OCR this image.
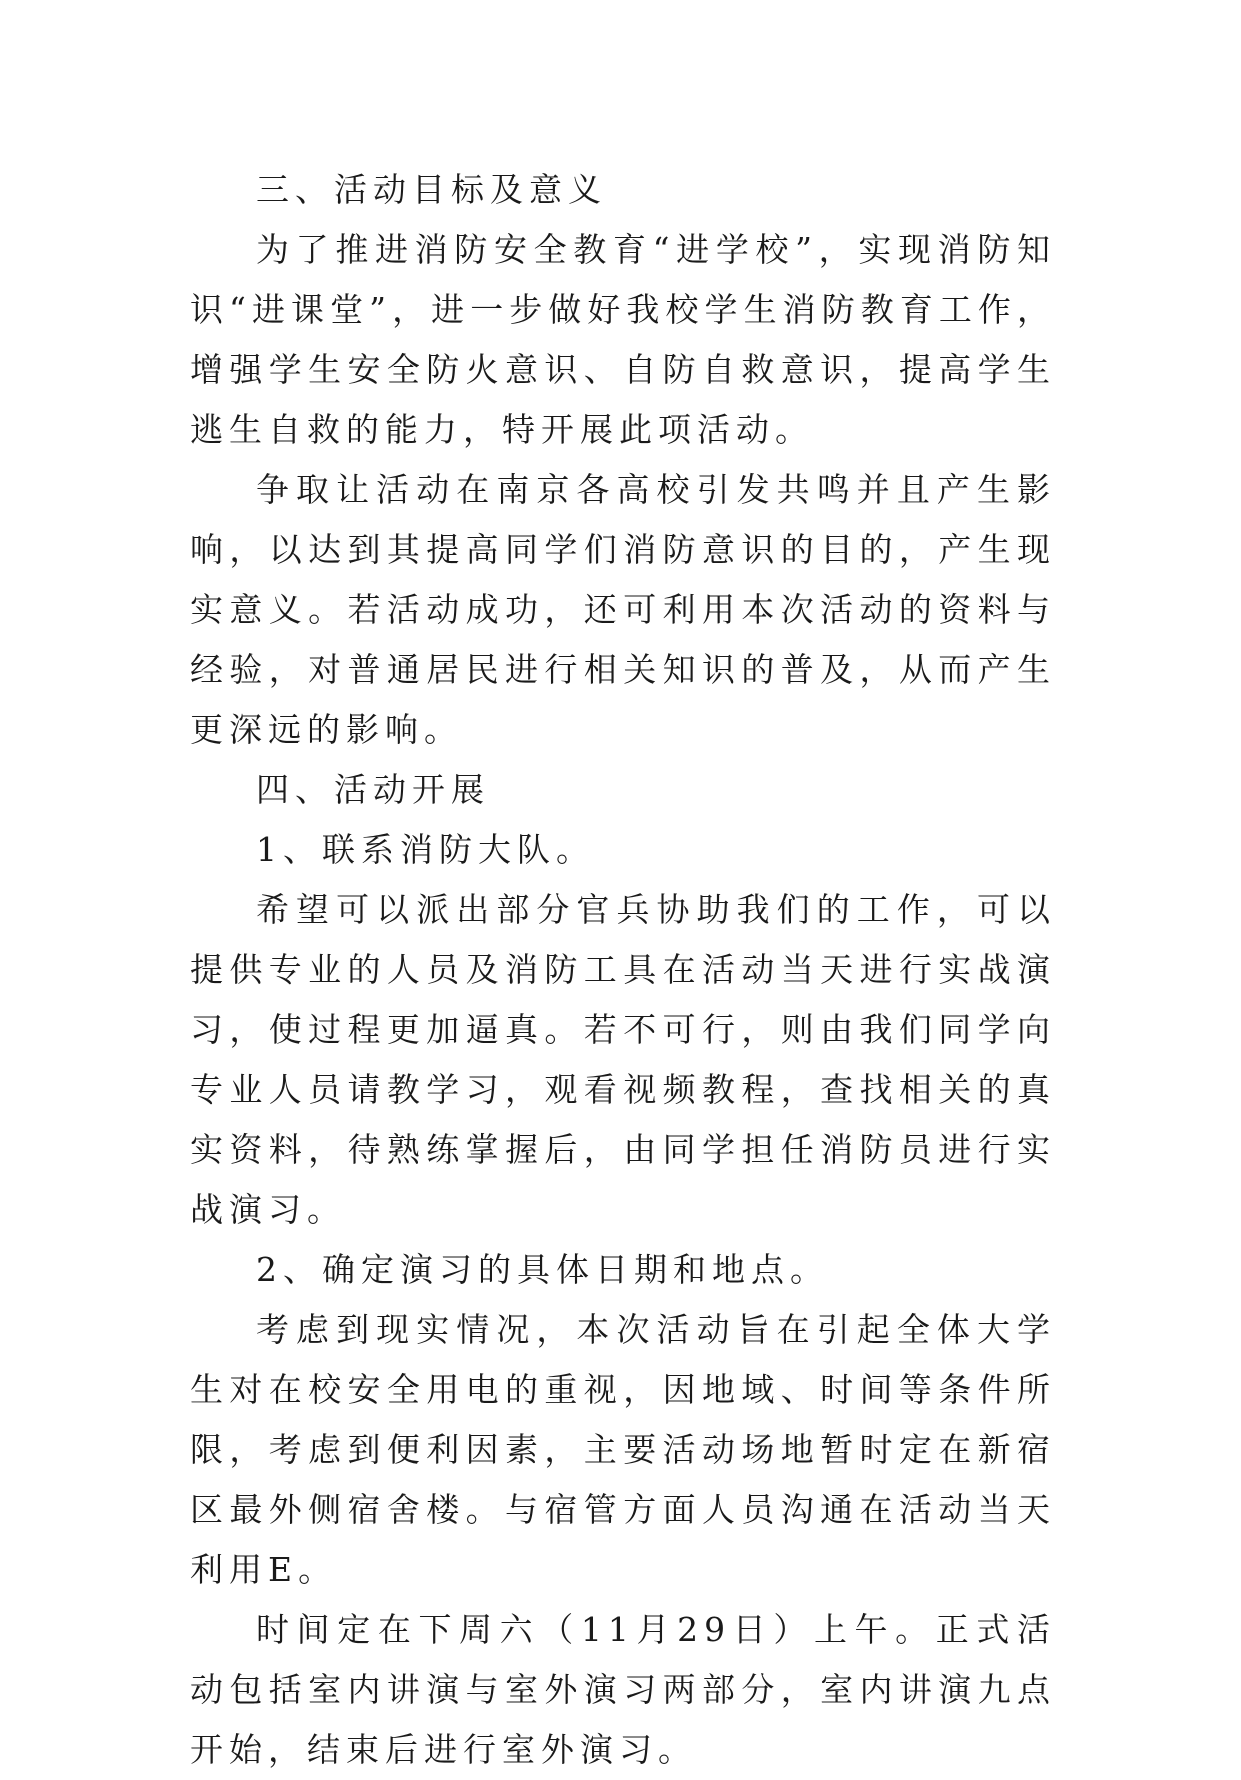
三、活动目标及意义

为了推进消防安全教育“进学校”，实现消防知识“进课堂”，进一步做好我校学生消防教育工作，增强学生安全防火意识、自防自救意识，提高学生逃生自救的能力，特开展此项活动。

争取让活动在南京各高校引发共鸣并且产生影响，以达到其提高同学们消防意识的目的，产生现实意义。若活动成功，还可利用本次活动的资料与经验，对普通居民进行相关知识的普及，从而产生更深远的影响。

四、活动开展

1、联系消防大队。

希望可以派出部分官兵协助我们的工作，可以提供专业的人员及消防工具在活动当天进行实战演习，使过程更加逼真。若不可行，则由我们同学向专业人员请教学习，观看视频教程，查找相关的真实资料，待熟练掌握后，由同学担任消防员进行实战演习。

2、确定演习的具体日期和地点。

考虑到现实情况，本次活动旨在引起全体大学生对在校安全用电的重视，因地域、时间等条件所限，考虑到便利因素，主要活动场地暂时定在新宿区最外侧宿舍楼。与宿管方面人员沟通在活动当天利用E。

时间定在下周六（11月29日）上午。正式活动包括室内讲演与室外演习两部分，室内讲演九点开始，结束后进行室外演习。
